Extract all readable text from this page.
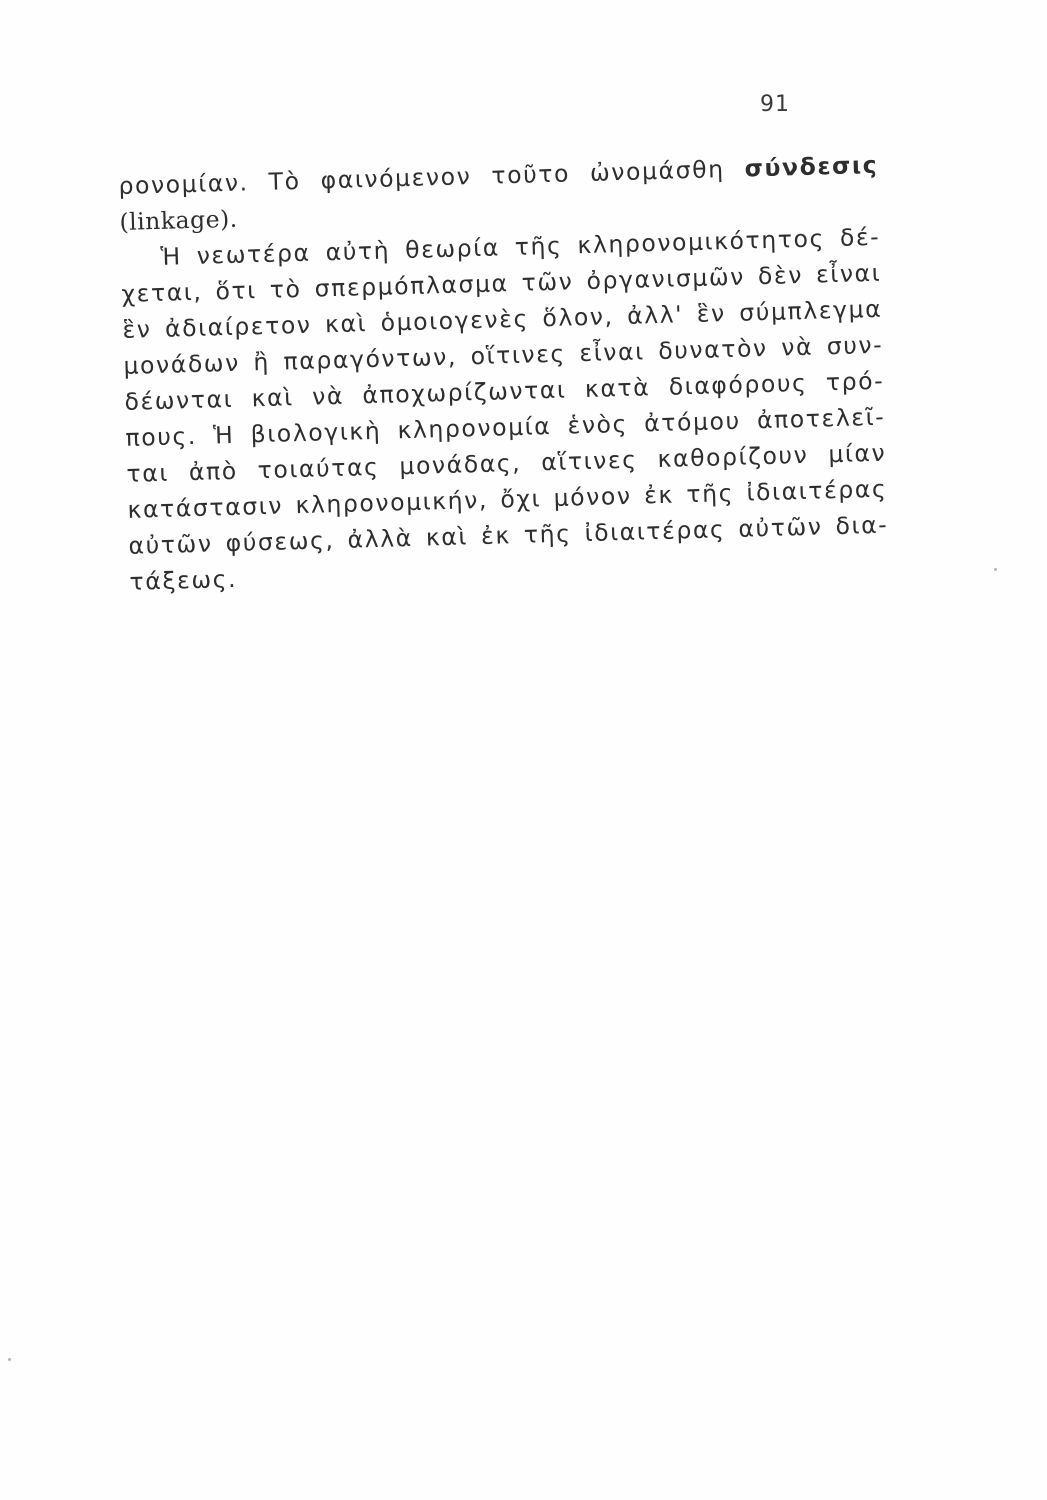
91
ρονομίαν. Τὸ φαινόμενον τοῦτο ὠνομάσθη σύνδεσις
(linkage).
Ἡ νεωτέρα αὐτὴ θεωρία τῆς κληρονομικότητος δέ-
χεται, ὅτι τὸ σπερμόπλασμα τῶν ὀργανισμῶν δὲν εἶναι
ἓν ἀδιαίρετον καὶ ὁμοιογενὲς ὅλον, ἀλλ' ἓν σύμπλεγμα
μονάδων ἢ παραγόντων, οἵτινες εἶναι δυνατὸν νὰ συν-
δέωνται καὶ νὰ ἀποχωρίζωνται κατὰ διαφόρους τρό-
πους. Ἡ βιολογικὴ κληρονομία ἑνὸς ἀτόμου ἀποτελεῖ-
ται ἀπὸ τοιαύτας μονάδας, αἵτινες καθορίζουν μίαν
κατάστασιν κληρονομικήν, ὄχι μόνον ἐκ τῆς ἰδιαιτέρας
αὐτῶν φύσεως, ἀλλὰ καὶ ἐκ τῆς ἰδιαιτέρας αὐτῶν δια-
τάξεως.
